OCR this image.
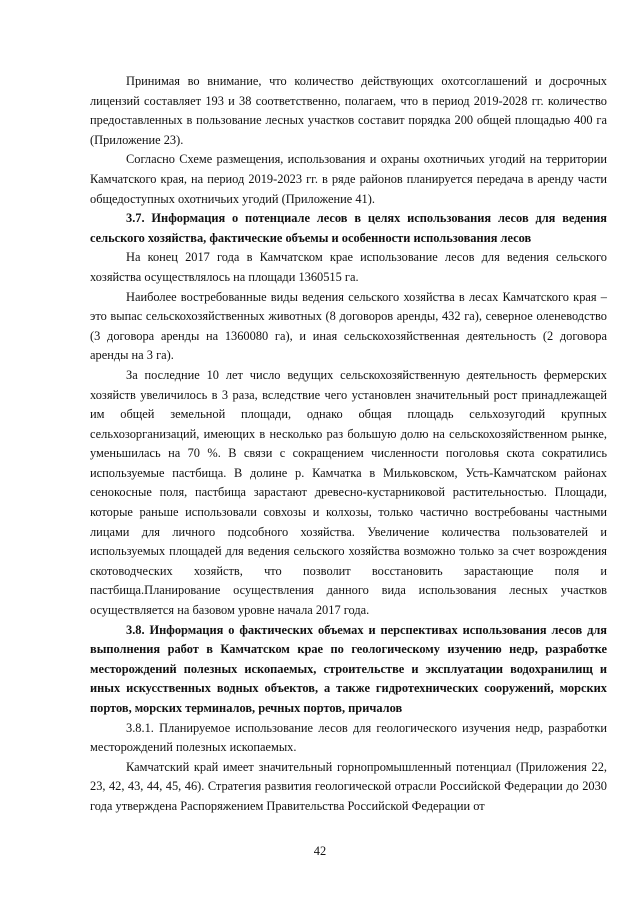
Принимая во внимание, что количество действующих охотсоглашений и досрочных лицензий составляет 193 и 38 соответственно, полагаем, что в период 2019-2028 гг. количество предоставленных в пользование лесных участков составит порядка 200 общей площадью 400 га (Приложение 23).

Согласно Схеме размещения, использования и охраны охотничьих угодий на территории Камчатского края, на период 2019-2023 гг. в ряде районов планируется передача в аренду части общедоступных охотничьих угодий (Приложение 41).

3.7. Информация о потенциале лесов в целях использования лесов для ведения сельского хозяйства, фактические объемы и особенности использования лесов

На конец 2017 года в Камчатском крае использование лесов для ведения сельского хозяйства осуществлялось на площади 1360515 га.

Наиболее востребованные виды ведения сельского хозяйства в лесах Камчатского края – это выпас сельскохозяйственных животных (8 договоров аренды, 432 га), северное оленеводство (3 договора аренды на 1360080 га), и иная сельскохозяйственная деятельность (2 договора аренды на 3 га).

За последние 10 лет число ведущих сельскохозяйственную деятельность фермерских хозяйств увеличилось в 3 раза, вследствие чего установлен значительный рост принадлежащей им общей земельной площади, однако общая площадь сельхозугодий крупных сельхозорганизаций, имеющих в несколько раз большую долю на сельскохозяйственном рынке, уменьшилась на 70 %. В связи с сокращением численности поголовья скота сократились используемые пастбища. В долине р. Камчатка в Мильковском, Усть-Камчатском районах сенокосные поля, пастбища зарастают древесно-кустарниковой растительностью. Площади, которые раньше использовали совхозы и колхозы, только частично востребованы частными лицами для личного подсобного хозяйства. Увеличение количества пользователей и используемых площадей для ведения сельского хозяйства возможно только за счет возрождения скотоводческих хозяйств, что позволит восстановить зарастающие поля и пастбища.Планирование осуществления данного вида использования лесных участков осуществляется на базовом уровне начала 2017 года.

3.8. Информация о фактических объемах и перспективах использования лесов для выполнения работ в Камчатском крае по геологическому изучению недр, разработке месторождений полезных ископаемых, строительстве и эксплуатации водохранилищ и иных искусственных водных объектов, а также гидротехнических сооружений, морских портов, морских терминалов, речных портов, причалов

3.8.1. Планируемое использование лесов для геологического изучения недр, разработки месторождений полезных ископаемых.

Камчатский край имеет значительный горнопромышленный потенциал (Приложения 22, 23, 42, 43, 44, 45, 46). Стратегия развития геологической отрасли Российской Федерации до 2030 года утверждена Распоряжением Правительства Российской Федерации от

42
